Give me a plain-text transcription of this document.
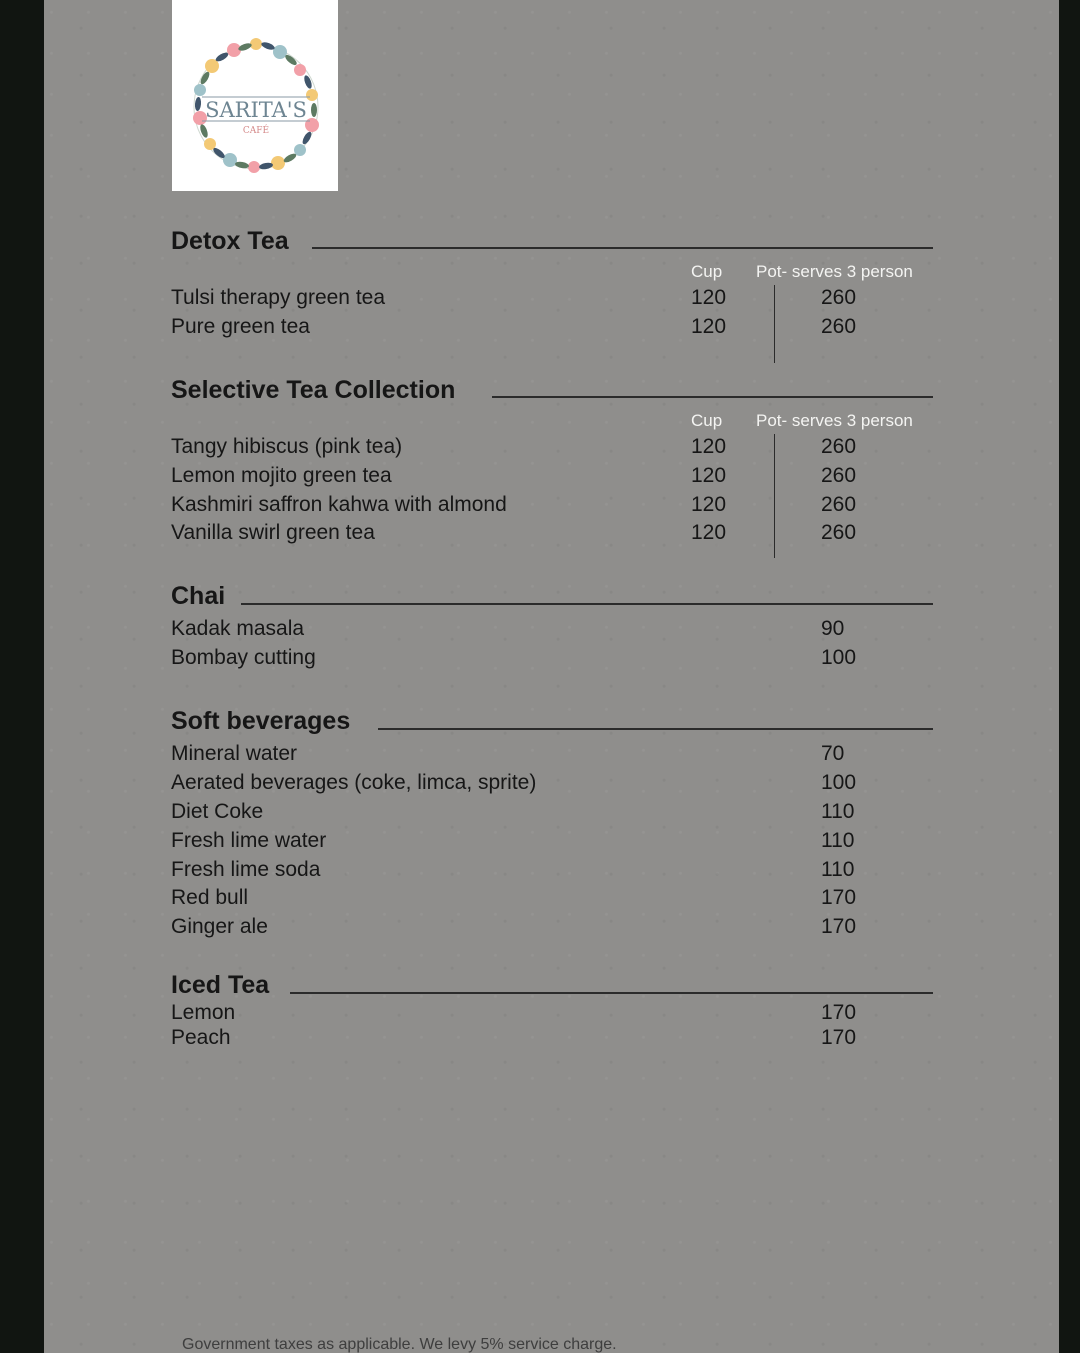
SARITA'S
CAFÉ
Detox Tea
Cup Pot- serves 3 person
Tulsi therapy green tea	120	260
Pure green tea	120	260
Selective Tea Collection
Cup Pot- serves 3 person
Tangy hibiscus (pink tea)	120	260
Lemon mojito green tea	120	260
Kashmiri saffron kahwa with almond	120	260
Vanilla swirl green tea	120	260
Chai
Kadak masala	90
Bombay cutting	100
Soft beverages
Mineral water	70
Aerated beverages (coke, limca, sprite)	100
Diet Coke	110
Fresh lime water	110
Fresh lime soda	110
Red bull	170
Ginger ale	170
Iced Tea
Lemon	170
Peach	170
Government taxes as applicable. We levy 5% service charge.
